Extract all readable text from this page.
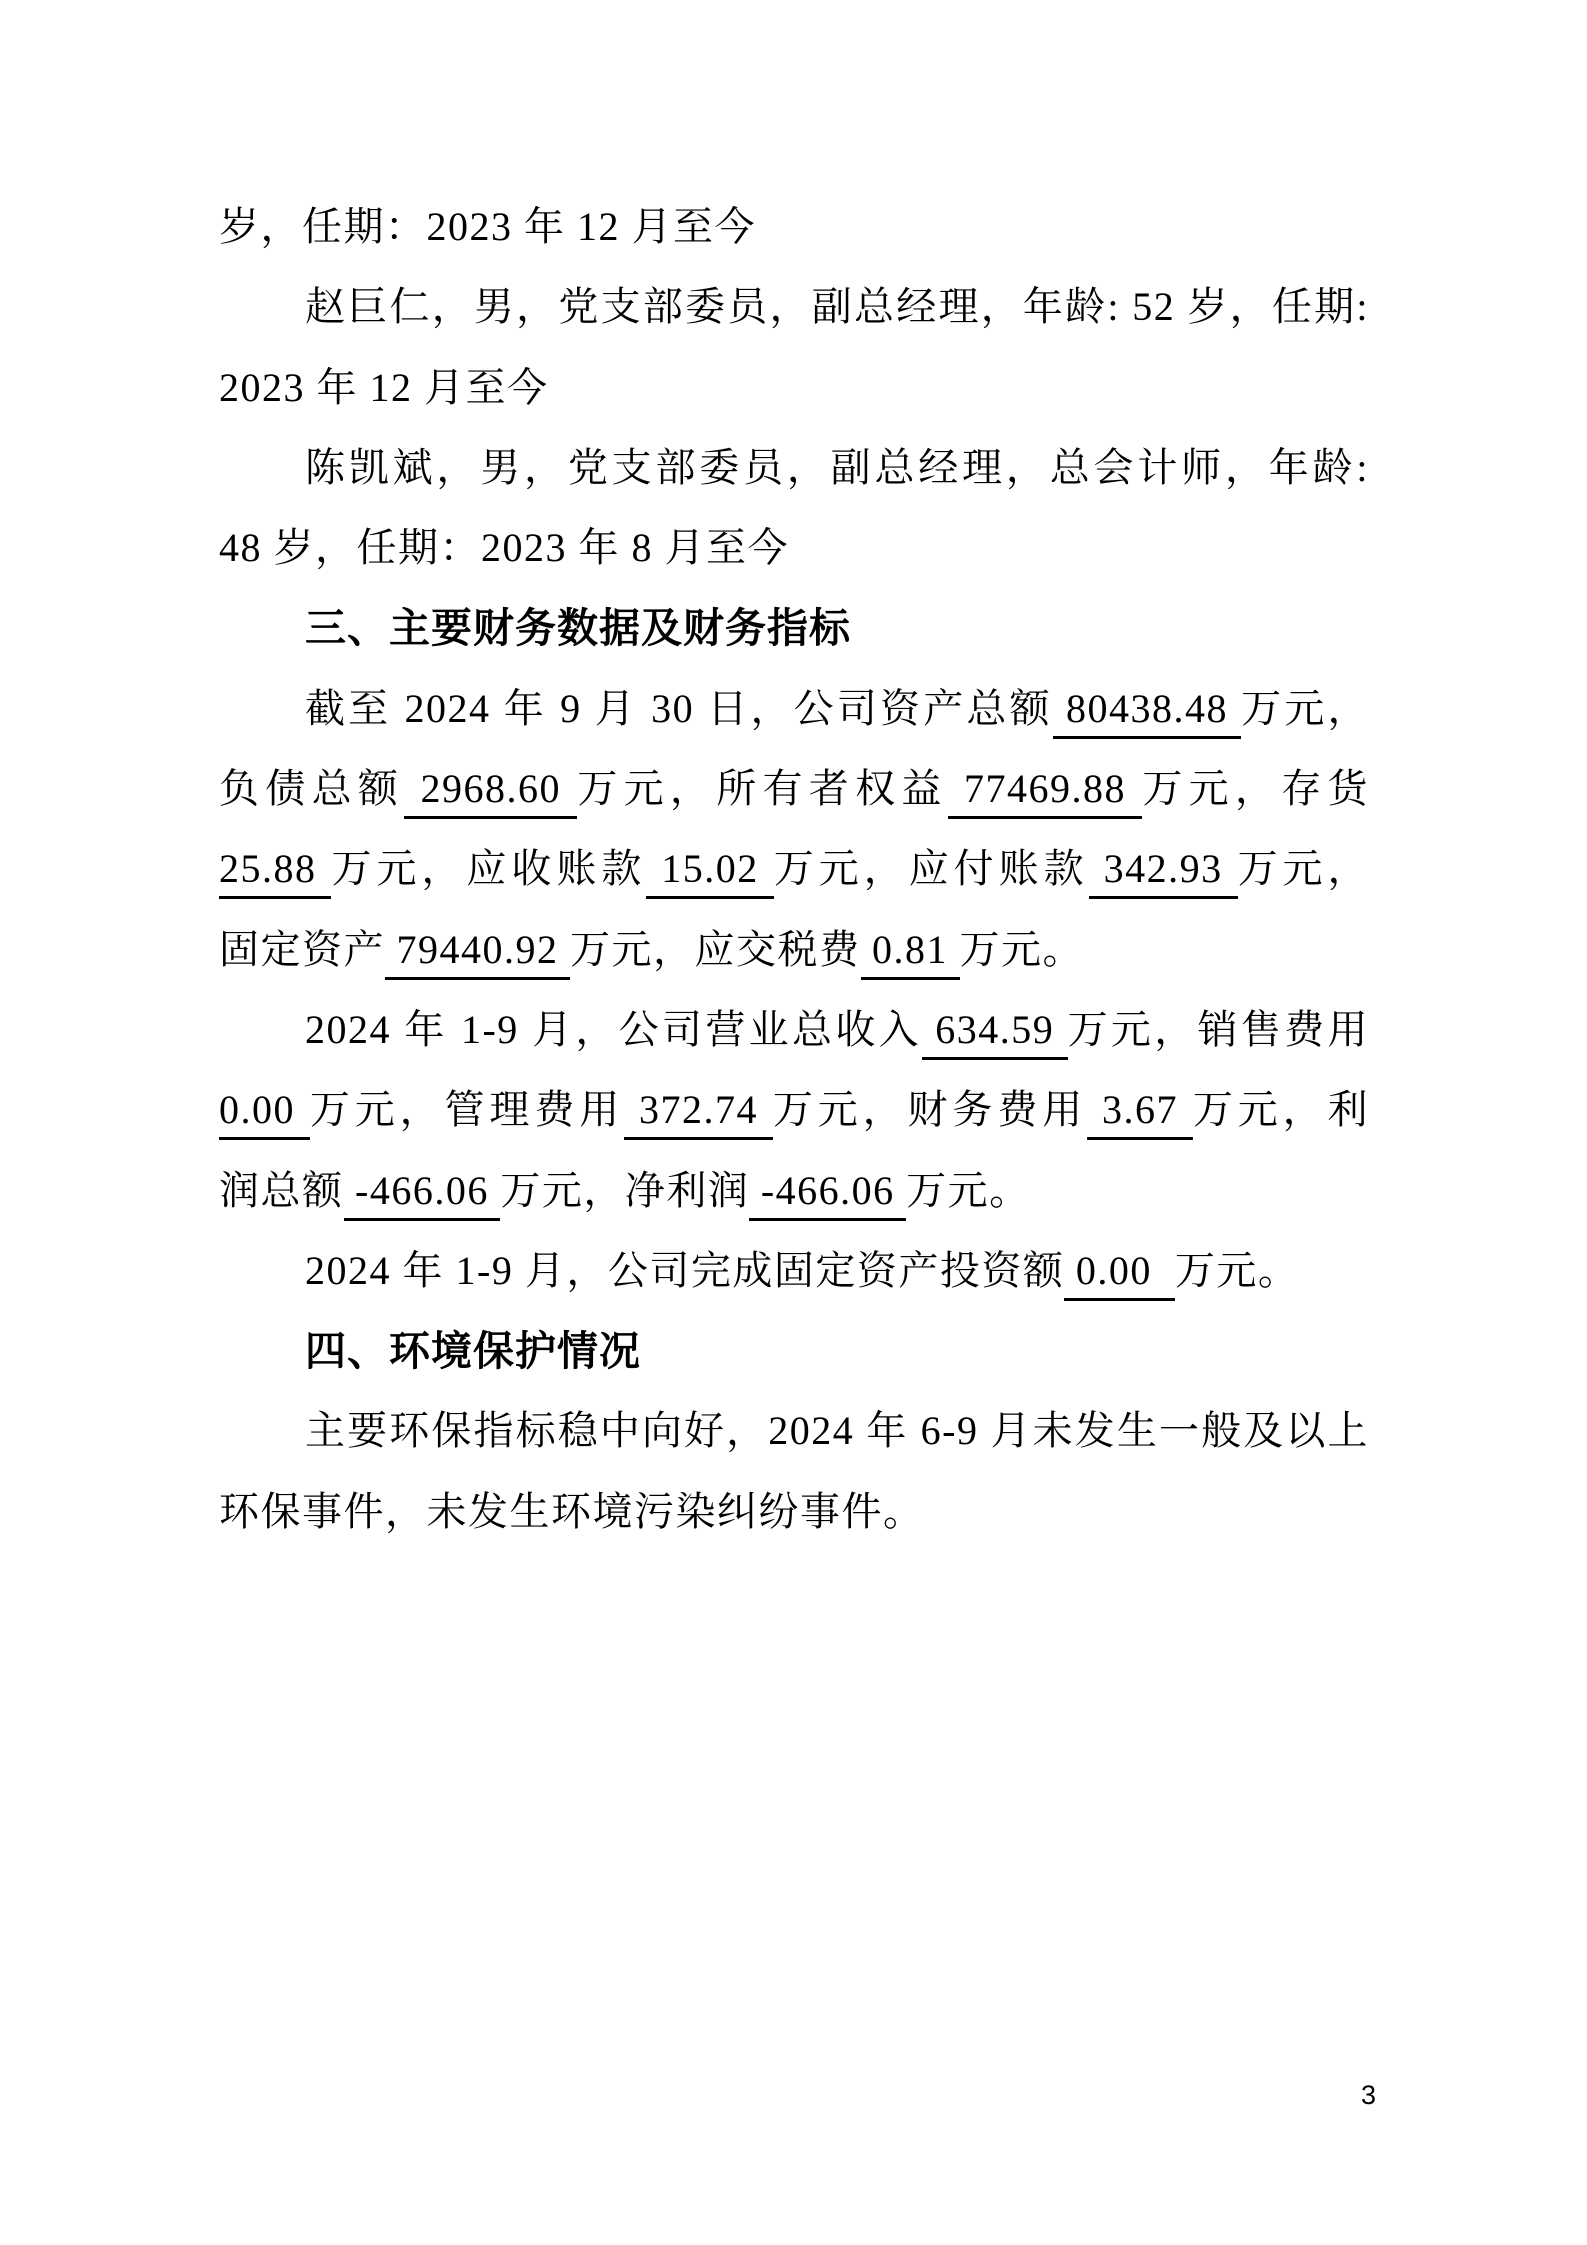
岁，任期：2023 年 12 月至今
赵巨仁，男，党支部委员，副总经理，年龄: 52 岁，任期:
2023 年 12 月至今
陈凯斌，男，党支部委员，副总经理，总会计师，年龄:
48 岁，任期：2023 年 8 月至今
三、主要财务数据及财务指标
截至 2024 年 9 月 30 日，公司资产总额 80438.48 万元，
负债总额 2968.60 万元，所有者权益 77469.88 万元，存货
25.88 万元，应收账款 15.02 万元，应付账款 342.93 万元，
固定资产 79440.92 万元，应交税费 0.81 万元。
2024 年 1-9 月，公司营业总收入 634.59 万元，销售费用
0.00 万元，管理费用 372.74 万元，财务费用 3.67 万元，利
润总额 -466.06 万元，净利润 -466.06 万元。
2024 年 1-9 月，公司完成固定资产投资额 0.00  万元。
四、环境保护情况
主要环保指标稳中向好，2024 年 6-9 月未发生一般及以上
环保事件，未发生环境污染纠纷事件。
3
